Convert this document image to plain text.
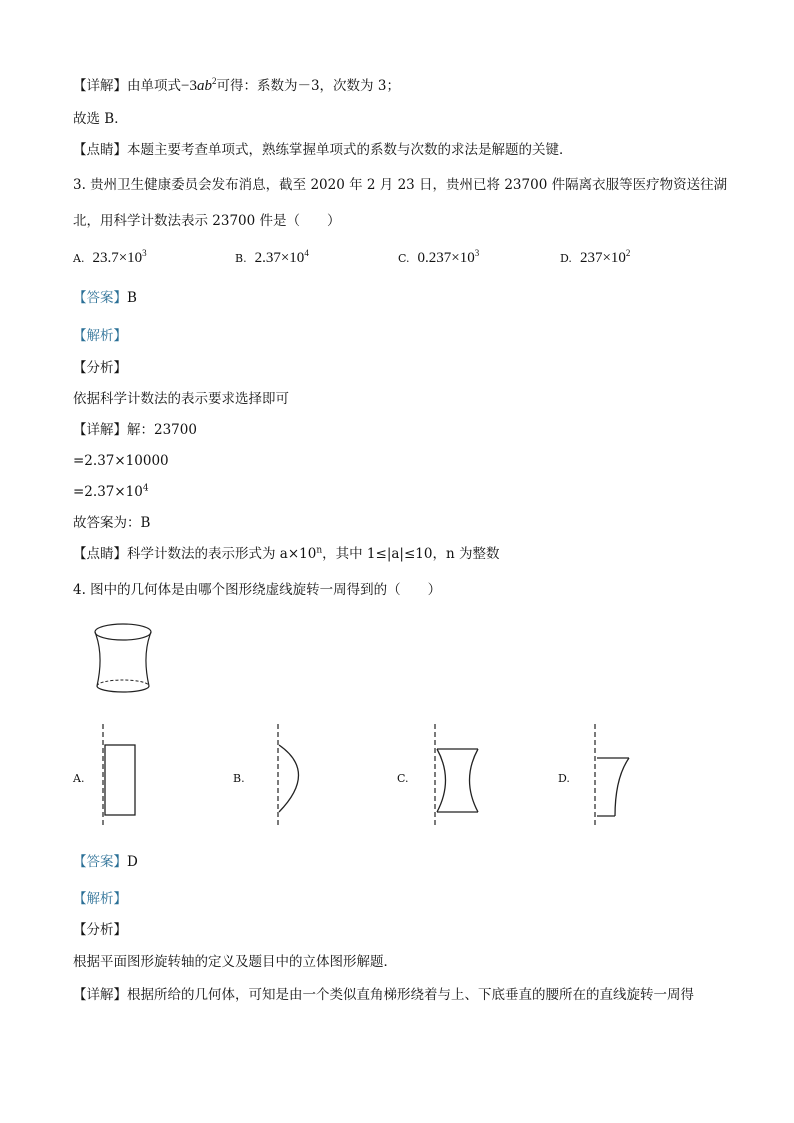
【详解】由单项式$-3ab^2$可得：系数为－3，次数为 3；
故选 B．
【点睛】本题主要考查单项式，熟练掌握单项式的系数与次数的求法是解题的关键．
3. 贵州卫生健康委员会发布消息，截至 2020 年 2 月 23 日，贵州已将 23700 件隔离衣服等医疗物资送往湖
北，用科学计数法表示 23700 件是（　　）
A. $23.7\times 10^3$	B. $2.37\times 10^4$	C. $0.237\times 10^3$	D. $237\times 10^2$
【答案】B
【解析】
【分析】
依据科学计数法的表示要求选择即可
【详解】解：23700
=2.37×10000
$=2.37\times 10^4$
故答案为：B
【点睛】科学计数法的表示形式为 $a\times 10^n$，其中 1≤|a|≤10，n 为整数
4. 图中的几何体是由哪个图形绕虚线旋转一周得到的（　　）
A.	B.	C.	D.
【答案】D
【解析】
【分析】
根据平面图形旋转轴的定义及题目中的立体图形解题．
【详解】根据所给的几何体，可知是由一个类似直角梯形绕着与上、下底垂直的腰所在的直线旋转一周得
